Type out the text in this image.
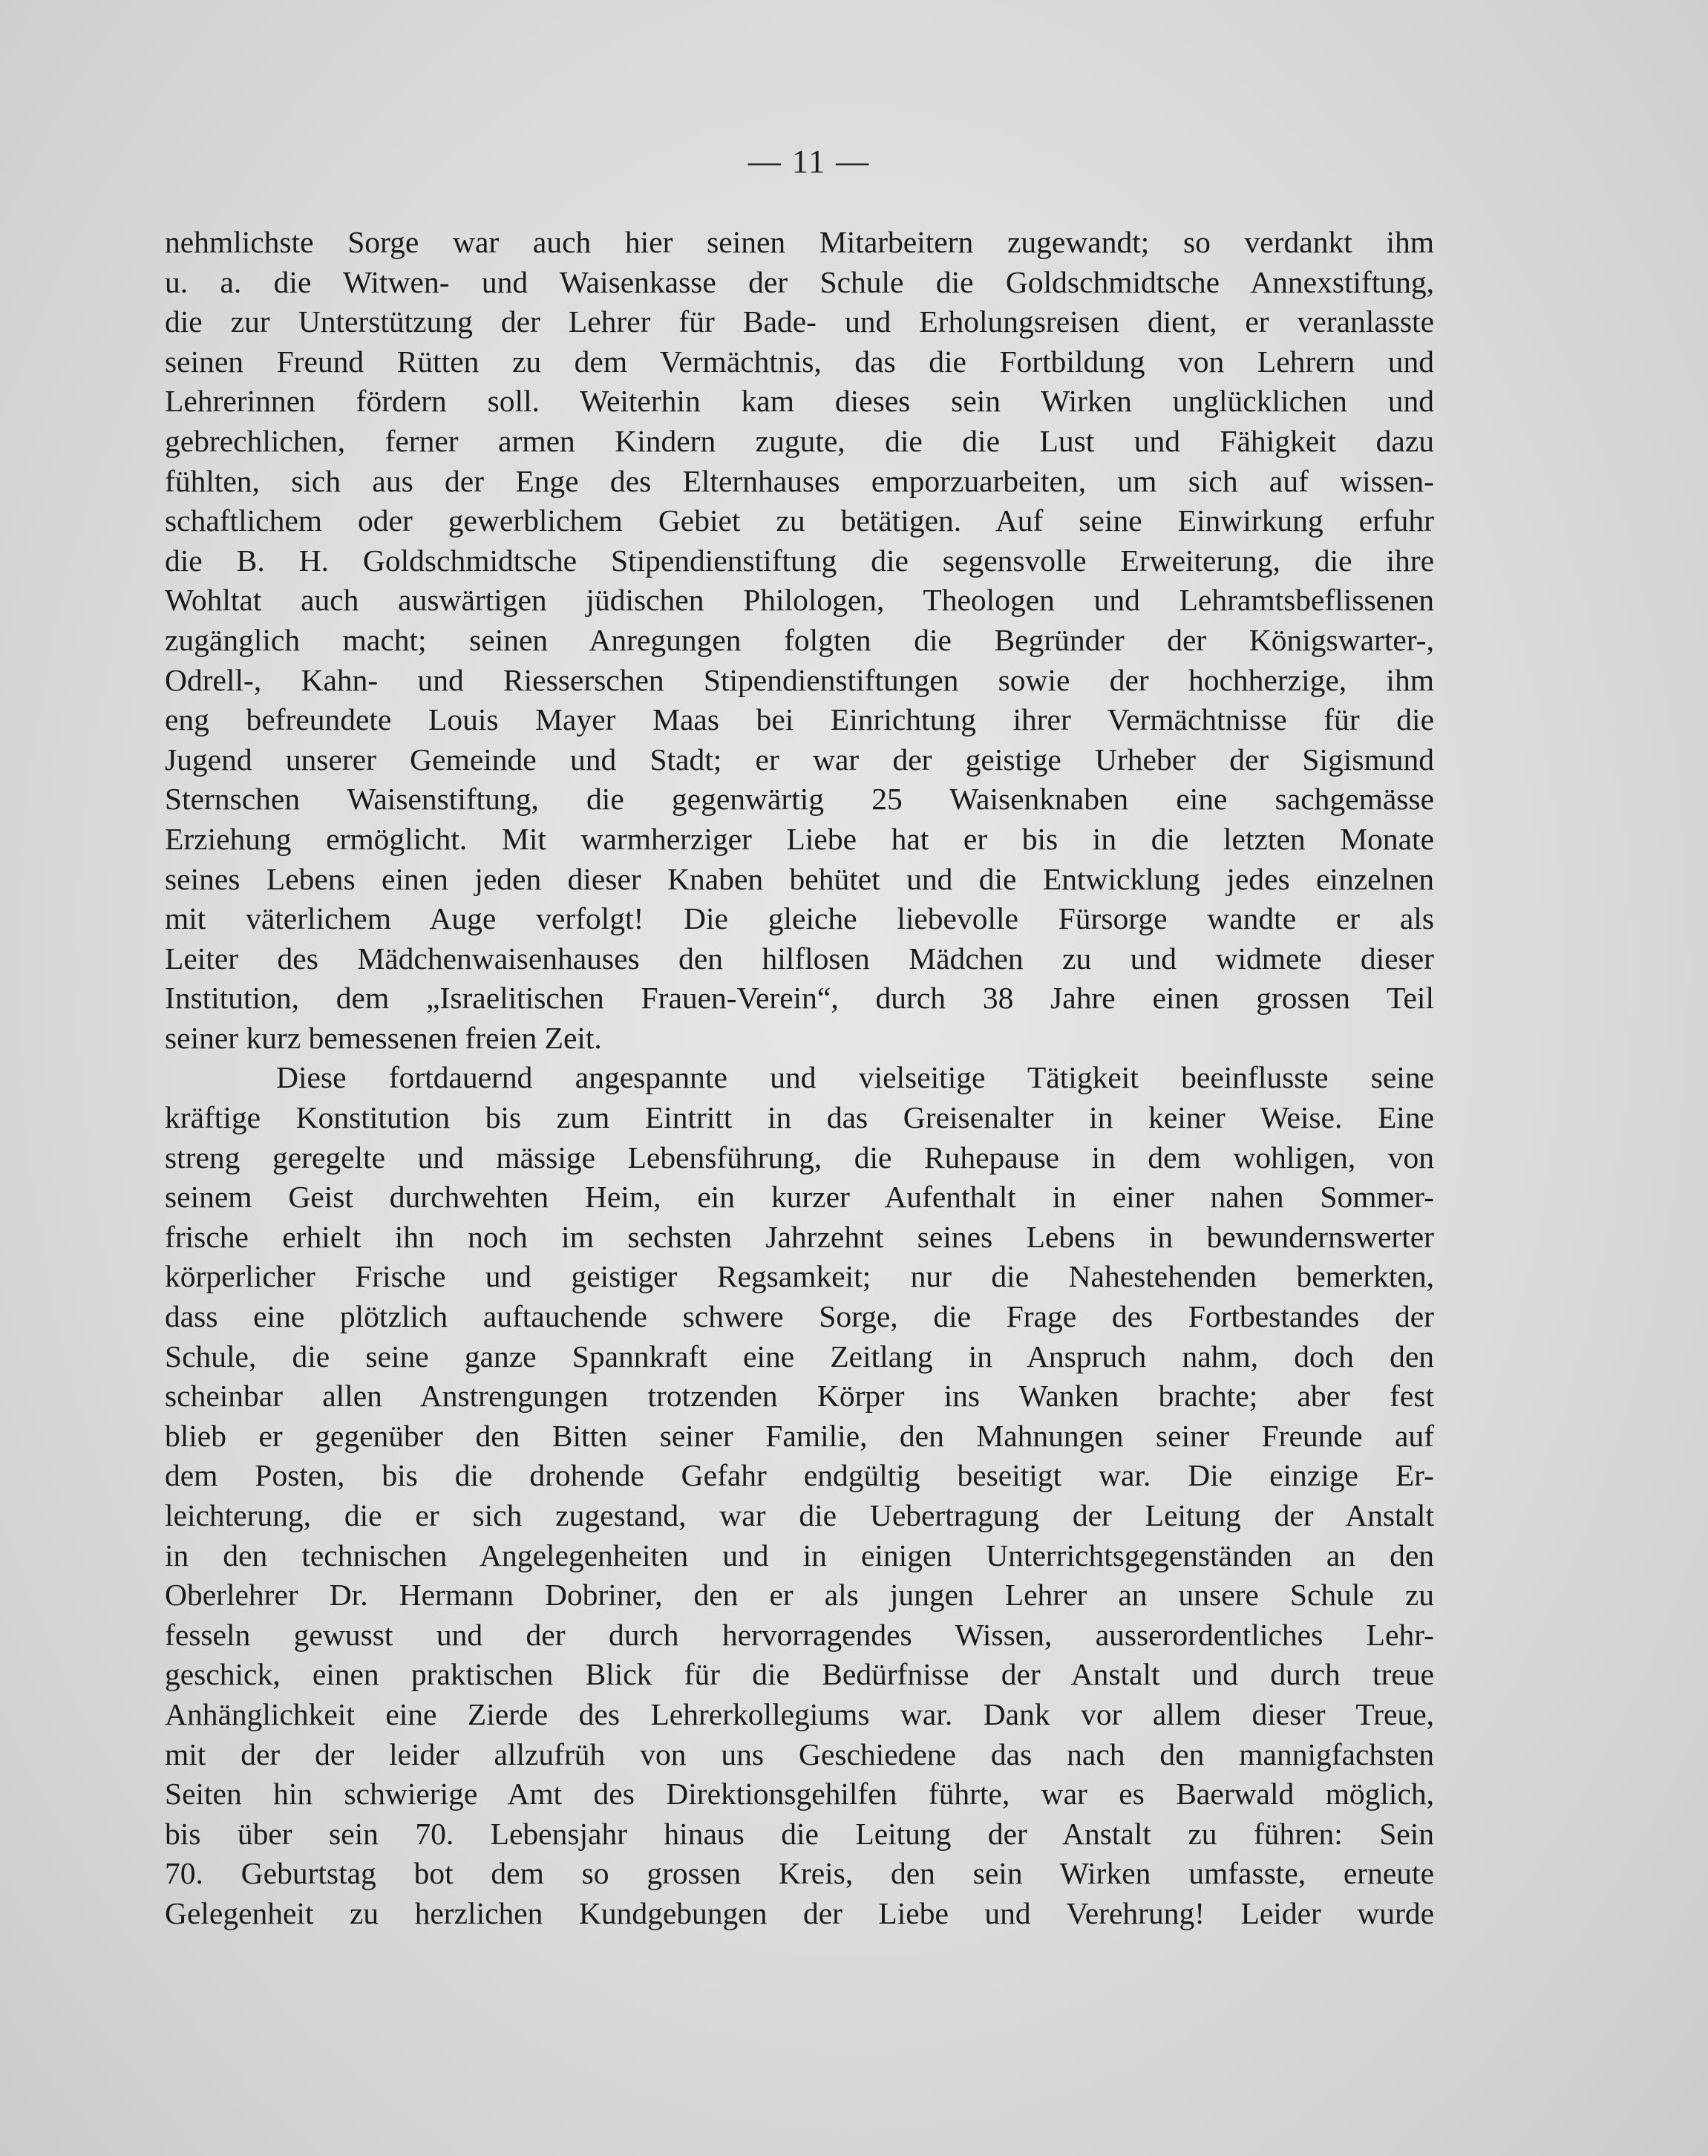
— 11 —
nehmlichste Sorge war auch hier seinen Mitarbeitern zugewandt; so verdankt ihm
u. a. die Witwen- und Waisenkasse der Schule die Goldschmidtsche Annexstiftung,
die zur Unterstützung der Lehrer für Bade- und Erholungsreisen dient, er veranlasste
seinen Freund Rütten zu dem Vermächtnis, das die Fortbildung von Lehrern und
Lehrerinnen fördern soll. Weiterhin kam dieses sein Wirken unglücklichen und
gebrechlichen, ferner armen Kindern zugute, die die Lust und Fähigkeit dazu
fühlten, sich aus der Enge des Elternhauses emporzuarbeiten, um sich auf wissen-
schaftlichem oder gewerblichem Gebiet zu betätigen. Auf seine Einwirkung erfuhr
die B. H. Goldschmidtsche Stipendienstiftung die segensvolle Erweiterung, die ihre
Wohltat auch auswärtigen jüdischen Philologen, Theologen und Lehramtsbeflissenen
zugänglich macht; seinen Anregungen folgten die Begründer der Königswarter-,
Odrell-, Kahn- und Riesserschen Stipendienstiftungen sowie der hochherzige, ihm
eng befreundete Louis Mayer Maas bei Einrichtung ihrer Vermächtnisse für die
Jugend unserer Gemeinde und Stadt; er war der geistige Urheber der Sigismund
Sternschen Waisenstiftung, die gegenwärtig 25 Waisenknaben eine sachgemässe
Erziehung ermöglicht. Mit warmherziger Liebe hat er bis in die letzten Monate
seines Lebens einen jeden dieser Knaben behütet und die Entwicklung jedes einzelnen
mit väterlichem Auge verfolgt! Die gleiche liebevolle Fürsorge wandte er als
Leiter des Mädchenwaisenhauses den hilflosen Mädchen zu und widmete dieser
Institution, dem „Israelitischen Frauen-Verein“, durch 38 Jahre einen grossen Teil
seiner kurz bemessenen freien Zeit.
Diese fortdauernd angespannte und vielseitige Tätigkeit beeinflusste seine
kräftige Konstitution bis zum Eintritt in das Greisenalter in keiner Weise. Eine
streng geregelte und mässige Lebensführung, die Ruhepause in dem wohligen, von
seinem Geist durchwehten Heim, ein kurzer Aufenthalt in einer nahen Sommer-
frische erhielt ihn noch im sechsten Jahrzehnt seines Lebens in bewundernswerter
körperlicher Frische und geistiger Regsamkeit; nur die Nahestehenden bemerkten,
dass eine plötzlich auftauchende schwere Sorge, die Frage des Fortbestandes der
Schule, die seine ganze Spannkraft eine Zeitlang in Anspruch nahm, doch den
scheinbar allen Anstrengungen trotzenden Körper ins Wanken brachte; aber fest
blieb er gegenüber den Bitten seiner Familie, den Mahnungen seiner Freunde auf
dem Posten, bis die drohende Gefahr endgültig beseitigt war. Die einzige Er-
leichterung, die er sich zugestand, war die Uebertragung der Leitung der Anstalt
in den technischen Angelegenheiten und in einigen Unterrichtsgegenständen an den
Oberlehrer Dr. Hermann Dobriner, den er als jungen Lehrer an unsere Schule zu
fesseln gewusst und der durch hervorragendes Wissen, ausserordentliches Lehr-
geschick, einen praktischen Blick für die Bedürfnisse der Anstalt und durch treue
Anhänglichkeit eine Zierde des Lehrerkollegiums war. Dank vor allem dieser Treue,
mit der der leider allzufrüh von uns Geschiedene das nach den mannigfachsten
Seiten hin schwierige Amt des Direktionsgehilfen führte, war es Baerwald möglich,
bis über sein 70. Lebensjahr hinaus die Leitung der Anstalt zu führen: Sein
70. Geburtstag bot dem so grossen Kreis, den sein Wirken umfasste, erneute
Gelegenheit zu herzlichen Kundgebungen der Liebe und Verehrung! Leider wurde
